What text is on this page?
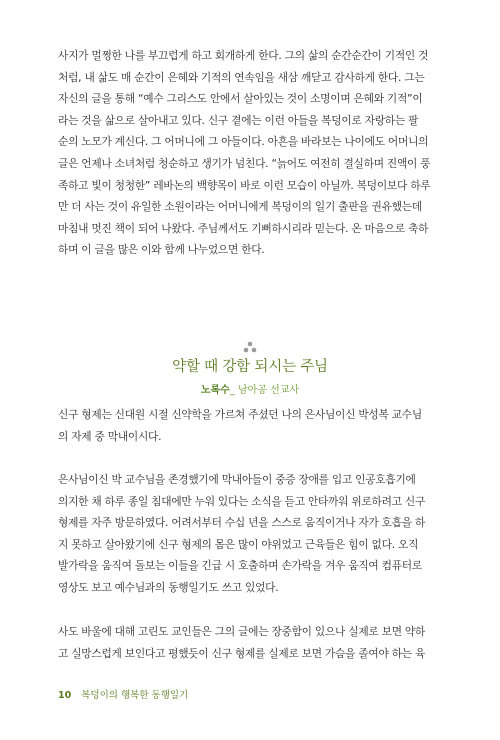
사지가 멀쩡한 나를 부끄럽게 하고 회개하게 한다. 그의 삶의 순간순간이 기적인 것
처럼, 내 삶도 매 순간이 은혜와 기적의 연속임을 새삼 깨닫고 감사하게 한다. 그는
자신의 글을 통해 “예수 그리스도 안에서 살아있는 것이 소명이며 은혜와 기적”이
라는 것을 삶으로 살아내고 있다. 신구 곁에는 이런 아들을 복덩이로 자랑하는 팔
순의 노모가 계신다. 그 어머니에 그 아들이다. 아흔을 바라보는 나이에도 어머니의
글은 언제나 소녀처럼 청순하고 생기가 넘친다. “늙어도 여전히 결실하며 진액이 풍
족하고 빛이 청청한” 레바논의 백향목이 바로 이런 모습이 아닐까. 복덩이보다 하루
만 더 사는 것이 유일한 소원이라는 어머니에게 복덩이의 일기 출판을 권유했는데
마침내 멋진 책이 되어 나왔다. 주님께서도 기뻐하시리라 믿는다. 온 마음으로 축하
하며 이 글을 많은 이와 함께 나누었으면 한다.
약할 때 강함 되시는 주님
노록수_ 남아공 선교사
신구 형제는 신대원 시절 신약학을 가르쳐 주셨던 나의 은사님이신 박성복 교수님
의 자제 중 막내이시다.
은사님이신 박 교수님을 존경했기에 막내아들이 중증 장애를 입고 인공호흡기에
의지한 채 하루 종일 침대에만 누워 있다는 소식을 듣고 안타까워 위로하려고 신구
형제를 자주 방문하였다. 어려서부터 수십 년을 스스로 움직이거나 자가 호흡을 하
지 못하고 살아왔기에 신구 형제의 몸은 많이 야위었고 근육들은 힘이 없다. 오직
발가락을 움직여 돌보는 이들을 긴급 시 호출하며 손가락을 겨우 움직여 컴퓨터로
영상도 보고 예수님과의 동행일기도 쓰고 있었다.
사도 바울에 대해 고린도 교인들은 그의 글에는 장중함이 있으나 실제로 보면 약하
고 실망스럽게 보인다고 평했듯이 신구 형제를 실제로 보면 가슴을 졸여야 하는 육
10 복덩이의 행복한 동행일기
